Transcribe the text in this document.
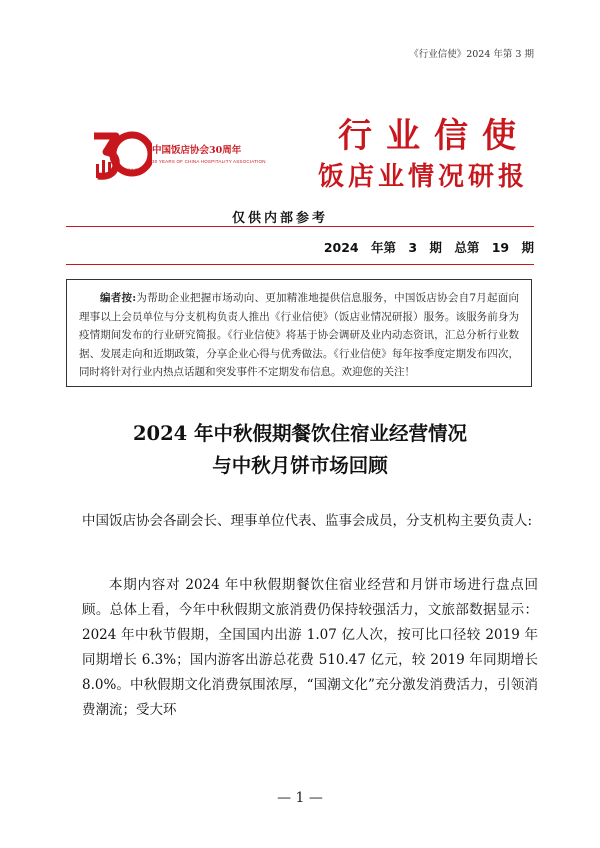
《行业信使》2024 年第 3 期
1994–2024
中国饭店协会30周年
30 YEARS OF CHINA HOSPITALITY ASSOCIATION
行业信使
饭店业情况研报
仅供内部参考
2024 年第 3 期　总第 19 期
编者按:为帮助企业把握市场动向、更加精准地提供信息服务，中国饭店协会自7月起面向理事以上会员单位与分支机构负责人推出《行业信使》（饭店业情况研报）服务。该服务前身为疫情期间发布的行业研究简报。《行业信使》将基于协会调研及业内动态资讯，汇总分析行业数据、发展走向和近期政策，分享企业心得与优秀做法。《行业信使》每年按季度定期发布四次，同时将针对行业内热点话题和突发事件不定期发布信息。欢迎您的关注！
2024 年中秋假期餐饮住宿业经营情况
与中秋月饼市场回顾
中国饭店协会各副会长、理事单位代表、监事会成员，分支机构主要负责人:
本期内容对 2024 年中秋假期餐饮住宿业经营和月饼市场进行盘点回顾。总体上看，今年中秋假期文旅消费仍保持较强活力，文旅部数据显示：2024 年中秋节假期，全国国内出游 1.07 亿人次，按可比口径较 2019 年同期增长 6.3%；国内游客出游总花费 510.47 亿元，较 2019 年同期增长 8.0%。中秋假期文化消费氛围浓厚，“国潮文化”充分激发消费活力，引领消费潮流；受大环
— 1 —
